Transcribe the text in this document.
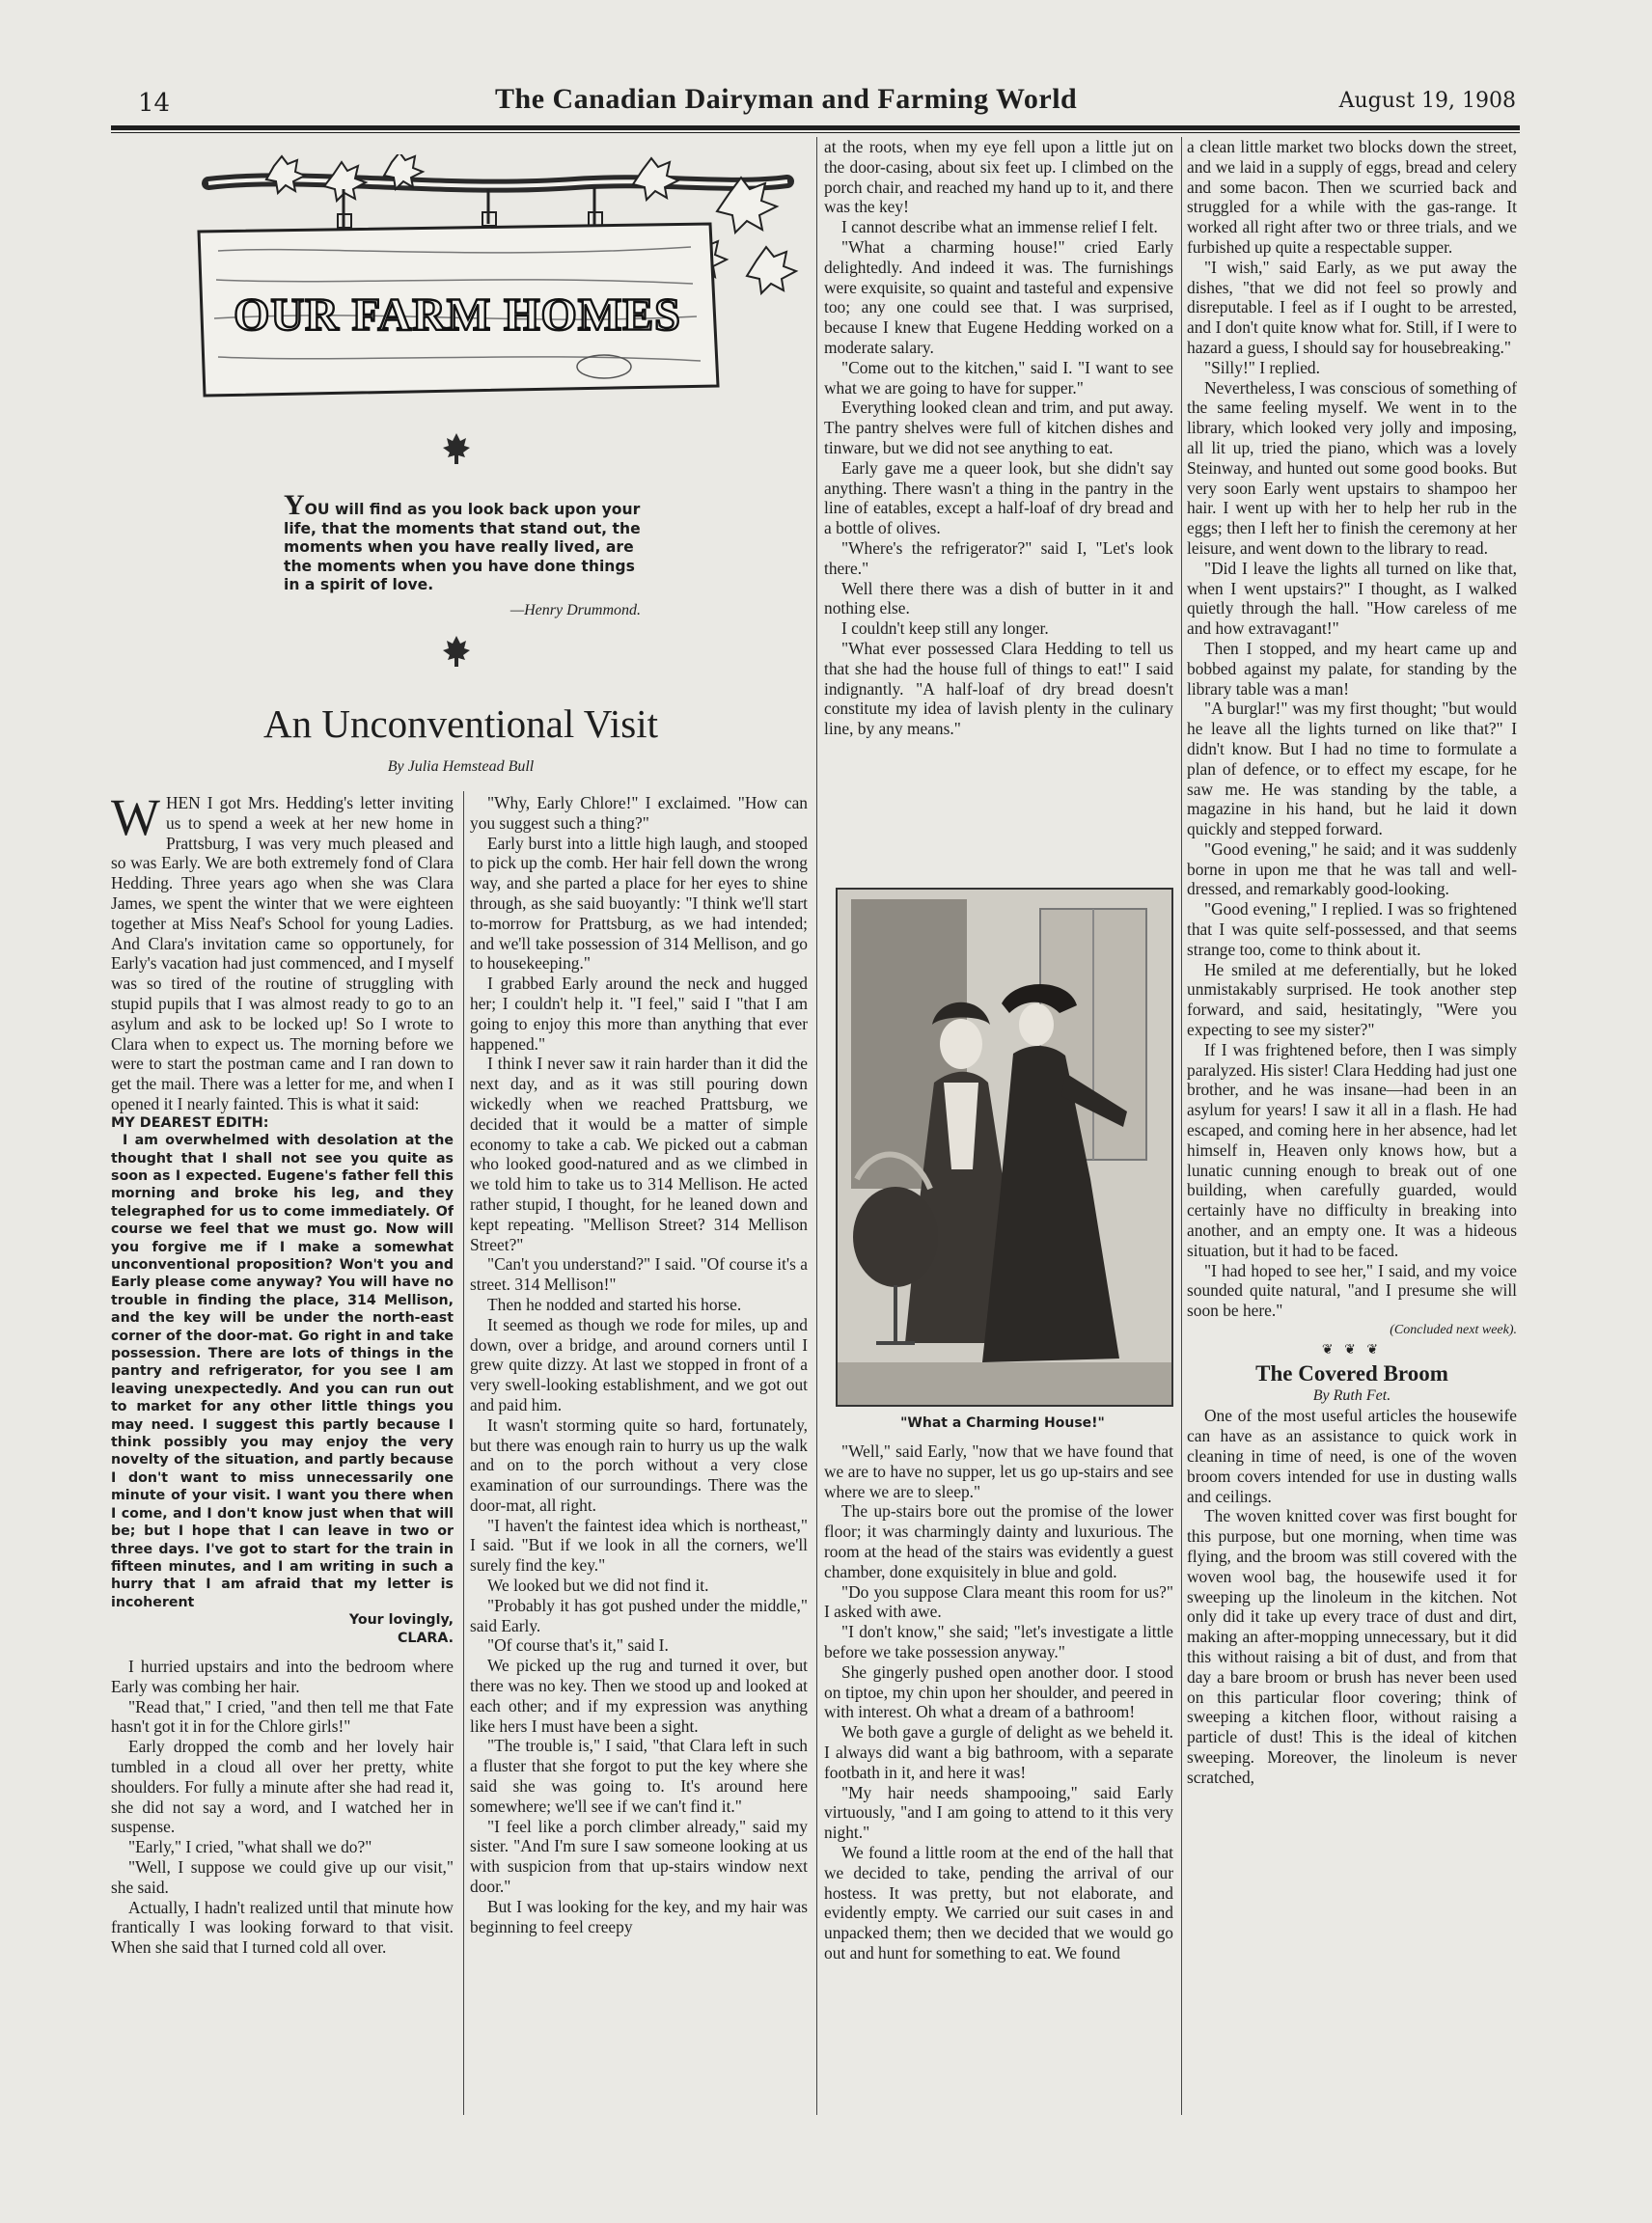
14	The Canadian Dairyman and Farming World	August 19, 1908
OUR FARM HOMES

YOU will find as you look back upon your life, that the moments that stand out, the moments when you have really lived, are the moments when you have done things in a spirit of love.

—Henry Drummond.
An Unconventional Visit
By Julia Hemstead Bull

WHEN I got Mrs. Hedding's letter inviting us to spend a week at her new home in Prattsburg, I was very much pleased and so was Early. We are both extremely fond of Clara Hedding. Three years ago when she was Clara James, we spent the winter that we were eighteen together at Miss Neaf's School for young Ladies. And Clara's invitation came so opportunely, for Early's vacation had just commenced, and I myself was so tired of the routine of struggling with stupid pupils that I was almost ready to go to an asylum and ask to be locked up! So I wrote to Clara when to expect us. The morning before we were to start the postman came and I ran down to get the mail. There was a letter for me, and when I opened it I nearly fainted. This is what it said:

MY DEAREST EDITH:

I am overwhelmed with desolation at the thought that I shall not see you quite as soon as I expected. Eugene's father fell this morning and broke his leg, and they telegraphed for us to come immediately. Of course we feel that we must go. Now will you forgive me if I make a somewhat unconventional proposition? Won't you and Early please come anyway? You will have no trouble in finding the place, 314 Mellison, and the key will be under the north-east corner of the door-mat. Go right in and take possession. There are lots of things in the pantry and refrigerator, for you see I am leaving unexpectedly. And you can run out to market for any other little things you may need. I suggest this partly because I think possibly you may enjoy the very novelty of the situation, and partly because I don't want to miss unnecessarily one minute of your visit. I want you there when I come, and I don't know just when that will be; but I hope that I can leave in two or three days. I've got to start for the train in fifteen minutes, and I am writing in such a hurry that I am afraid that my letter is incoherent

Your lovingly,

CLARA.

I hurried upstairs and into the bedroom where Early was combing her hair.

"Read that," I cried, "and then tell me that Fate hasn't got it in for the Chlore girls!"

Early dropped the comb and her lovely hair tumbled in a cloud all over her pretty, white shoulders. For fully a minute after she had read it, she did not say a word, and I watched her in suspense.

"Early," I cried, "what shall we do?"

"Well, I suppose we could give up our visit," she said.

Actually, I hadn't realized until that minute how frantically I was looking forward to that visit. When she said that I turned cold all over.

"Why, Early Chlore!" I exclaimed. "How can you suggest such a thing?"

Early burst into a little high laugh, and stooped to pick up the comb. Her hair fell down the wrong way, and she parted a place for her eyes to shine through, as she said buoyantly: "I think we'll start to-morrow for Prattsburg, as we had intended; and we'll take possession of 314 Mellison, and go to housekeeping."

I grabbed Early around the neck and hugged her; I couldn't help it. "I feel," said I "that I am going to enjoy this more than anything that ever happened."

I think I never saw it rain harder than it did the next day, and as it was still pouring down wickedly when we reached Prattsburg, we decided that it would be a matter of simple economy to take a cab. We picked out a cabman who looked good-natured and as we climbed in we told him to take us to 314 Mellison. He acted rather stupid, I thought, for he leaned down and kept repeating. "Mellison Street? 314 Mellison Street?"

"Can't you understand?" I said. "Of course it's a street. 314 Mellison!"

Then he nodded and started his horse.

It seemed as though we rode for miles, up and down, over a bridge, and around corners until I grew quite dizzy. At last we stopped in front of a very swell-looking establishment, and we got out and paid him.

It wasn't storming quite so hard, fortunately, but there was enough rain to hurry us up the walk and on to the porch without a very close examination of our surroundings. There was the door-mat, all right.

"I haven't the faintest idea which is northeast," I said. "But if we look in all the corners, we'll surely find the key."

We looked but we did not find it.

"Probably it has got pushed under the middle," said Early.

"Of course that's it," said I.

We picked up the rug and turned it over, but there was no key. Then we stood up and looked at each other; and if my expression was anything like hers I must have been a sight.

"The trouble is," I said, "that Clara left in such a fluster that she forgot to put the key where she said she was going to. It's around here somewhere; we'll see if we can't find it."

"I feel like a porch climber already," said my sister. "And I'm sure I saw someone looking at us with suspicion from that up-stairs window next door."

But I was looking for the key, and my hair was beginning to feel creepy

at the roots, when my eye fell upon a little jut on the door-casing, about six feet up. I climbed on the porch chair, and reached my hand up to it, and there was the key!

I cannot describe what an immense relief I felt.

"What a charming house!" cried Early delightedly. And indeed it was. The furnishings were exquisite, so quaint and tasteful and expensive too; any one could see that. I was surprised, because I knew that Eugene Hedding worked on a moderate salary.

"Come out to the kitchen," said I. "I want to see what we are going to have for supper."

Everything looked clean and trim, and put away. The pantry shelves were full of kitchen dishes and tinware, but we did not see anything to eat.

Early gave me a queer look, but she didn't say anything. There wasn't a thing in the pantry in the line of eatables, except a half-loaf of dry bread and a bottle of olives.

"Where's the refrigerator?" said I, "Let's look there."

Well there there was a dish of butter in it and nothing else.

I couldn't keep still any longer.

"What ever possessed Clara Hedding to tell us that she had the house full of things to eat!" I said indignantly. "A half-loaf of dry bread doesn't constitute my idea of lavish plenty in the culinary line, by any means."

"What a Charming House!"

"Well," said Early, "now that we have found that we are to have no supper, let us go up-stairs and see where we are to sleep."

The up-stairs bore out the promise of the lower floor; it was charmingly dainty and luxurious. The room at the head of the stairs was evidently a guest chamber, done exquisitely in blue and gold.

"Do you suppose Clara meant this room for us?" I asked with awe.

"I don't know," she said; "let's investigate a little before we take possession anyway."

She gingerly pushed open another door. I stood on tiptoe, my chin upon her shoulder, and peered in with interest. Oh what a dream of a bathroom!

We both gave a gurgle of delight as we beheld it. I always did want a big bathroom, with a separate footbath in it, and here it was!

"My hair needs shampooing," said Early virtuously, "and I am going to attend to it this very night."

We found a little room at the end of the hall that we decided to take, pending the arrival of our hostess. It was pretty, but not elaborate, and evidently empty. We carried our suit cases in and unpacked them; then we decided that we would go out and hunt for something to eat. We found

a clean little market two blocks down the street, and we laid in a supply of eggs, bread and celery and some bacon. Then we scurried back and struggled for a while with the gas-range. It worked all right after two or three trials, and we furbished up quite a respectable supper.

"I wish," said Early, as we put away the dishes, "that we did not feel so prowly and disreputable. I feel as if I ought to be arrested, and I don't quite know what for. Still, if I were to hazard a guess, I should say for housebreaking."

"Silly!" I replied.

Nevertheless, I was conscious of something of the same feeling myself. We went in to the library, which looked very jolly and imposing, all lit up, tried the piano, which was a lovely Steinway, and hunted out some good books. But very soon Early went upstairs to shampoo her hair. I went up with her to help her rub in the eggs; then I left her to finish the ceremony at her leisure, and went down to the library to read.

"Did I leave the lights all turned on like that, when I went upstairs?" I thought, as I walked quietly through the hall. "How careless of me and how extravagant!"

Then I stopped, and my heart came up and bobbed against my palate, for standing by the library table was a man!

"A burglar!" was my first thought; "but would he leave all the lights turned on like that?" I didn't know. But I had no time to formulate a plan of defence, or to effect my escape, for he saw me. He was standing by the table, a magazine in his hand, but he laid it down quickly and stepped forward.

"Good evening," he said; and it was suddenly borne in upon me that he was tall and well-dressed, and remarkably good-looking.

"Good evening," I replied. I was so frightened that I was quite self-possessed, and that seems strange too, come to think about it.

He smiled at me deferentially, but he loked unmistakably surprised. He took another step forward, and said, hesitatingly, "Were you expecting to see my sister?"

If I was frightened before, then I was simply paralyzed. His sister! Clara Hedding had just one brother, and he was insane—had been in an asylum for years! I saw it all in a flash. He had escaped, and coming here in her absence, had let himself in, Heaven only knows how, but a lunatic cunning enough to break out of one building, when carefully guarded, would certainly have no difficulty in breaking into another, and an empty one. It was a hideous situation, but it had to be faced.

"I had hoped to see her," I said, and my voice sounded quite natural, "and I presume she will soon be here."

(Concluded next week).

❦ ❦ ❦

The Covered Broom

By Ruth Fet.

One of the most useful articles the housewife can have as an assistance to quick work in cleaning in time of need, is one of the woven broom covers intended for use in dusting walls and ceilings.

The woven knitted cover was first bought for this purpose, but one morning, when time was flying, and the broom was still covered with the woven wool bag, the housewife used it for sweeping up the linoleum in the kitchen. Not only did it take up every trace of dust and dirt, making an after-mopping unnecessary, but it did this without raising a bit of dust, and from that day a bare broom or brush has never been used on this particular floor covering; think of sweeping a kitchen floor, without raising a particle of dust! This is the ideal of kitchen sweeping. Moreover, the linoleum is never scratched,
